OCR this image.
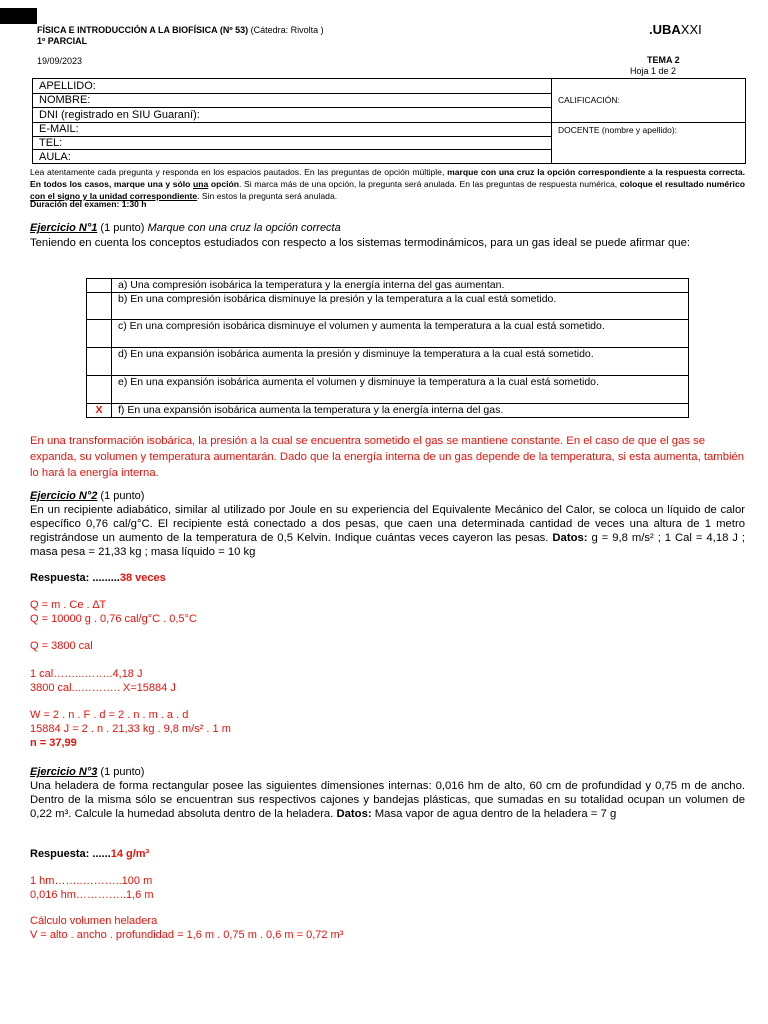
FÍSICA E INTRODUCCIÓN A LA BIOFÍSICA (Nº 53) (Cátedra: Rivolta )
1º PARCIAL
.UBAXXI
19/09/2023	TEMA 2
Hoja 1 de 2
APELLIDO:	CALIFICACIÓN:
NOMBRE:	
DNI (registrado en SIU Guaraní):	
E-MAIL:	DOCENTE (nombre y apellido):
TEL:	
AULA:	
Lea atentamente cada pregunta y responda en los espacios pautados. En las preguntas de opción múltiple, marque con una cruz la opción correspondiente a la respuesta correcta. En todos los casos, marque una y sólo una opción. Si marca más de una opción, la pregunta será anulada. En las preguntas de respuesta numérica, coloque el resultado numérico con el signo y la unidad correspondiente. Sin estos la pregunta será anulada.
Duración del examen: 1:30 h
Ejercicio N°1 (1 punto) Marque con una cruz la opción correcta
Teniendo en cuenta los conceptos estudiados con respecto a los sistemas termodinámicos, para un gas ideal se puede afirmar que:
	a) Una compresión isobárica la temperatura y la energía interna del gas aumentan.
	b) En una compresión isobárica disminuye la presión y la temperatura a la cual está sometido.
	c) En una compresión isobárica disminuye el volumen y aumenta la temperatura a la cual está sometido.
	d) En una expansión isobárica aumenta la presión y disminuye la temperatura a la cual está sometido.
	e) En una expansión isobárica aumenta el volumen y disminuye la temperatura a la cual está sometido.
X	f) En una expansión isobárica aumenta la temperatura y la energía interna del gas.
En una transformación isobárica, la presión a la cual se encuentra sometido el gas se mantiene constante. En el caso de que el gas se expanda, su volumen y temperatura aumentarán. Dado que la energía interna de un gas depende de la temperatura, si esta aumenta, también lo hará la energía interna.
Ejercicio N°2 (1 punto)
En un recipiente adiabático, similar al utilizado por Joule en su experiencia del Equivalente Mecánico del Calor, se coloca un líquido de calor específico 0,76 cal/g°C. El recipiente está conectado a dos pesas, que caen una determinada cantidad de veces una altura de 1 metro registrándose un aumento de la temperatura de 0,5 Kelvin. Indique cuántas veces cayeron las pesas. Datos: g = 9,8 m/s² ; 1 Cal = 4,18 J ; masa pesa = 21,33 kg ; masa líquido = 10 kg
Respuesta: .........38 veces
Q = m . Ce . ∆T
Q = 10000 g . 0,76 cal/g°C . 0,5°C
Q = 3800 cal
1 cal……...……..4,18 J
3800 cal...……….. X=15884 J
W = 2 . n . F . d = 2 . n . m . a . d
15884 J = 2 . n . 21,33 kg . 9,8 m/s² . 1 m
n = 37,99
Ejercicio N°3 (1 punto)
Una heladera de forma rectangular posee las siguientes dimensiones internas: 0,016 hm de alto, 60 cm de profundidad y 0,75 m de ancho. Dentro de la misma sólo se encuentran sus respectivos cajones y bandejas plásticas, que sumadas en su totalidad ocupan un volumen de 0,22 m³. Calcule la humedad absoluta dentro de la heladera. Datos: Masa vapor de agua dentro de la heladera = 7 g
Respuesta: ......14 g/m³
1 hm……..………..100 m
0,016 hm…………..1,6 m
Cálculo volumen heladera
V = alto . ancho . profundidad = 1,6 m . 0,75 m . 0,6 m = 0,72 m³
